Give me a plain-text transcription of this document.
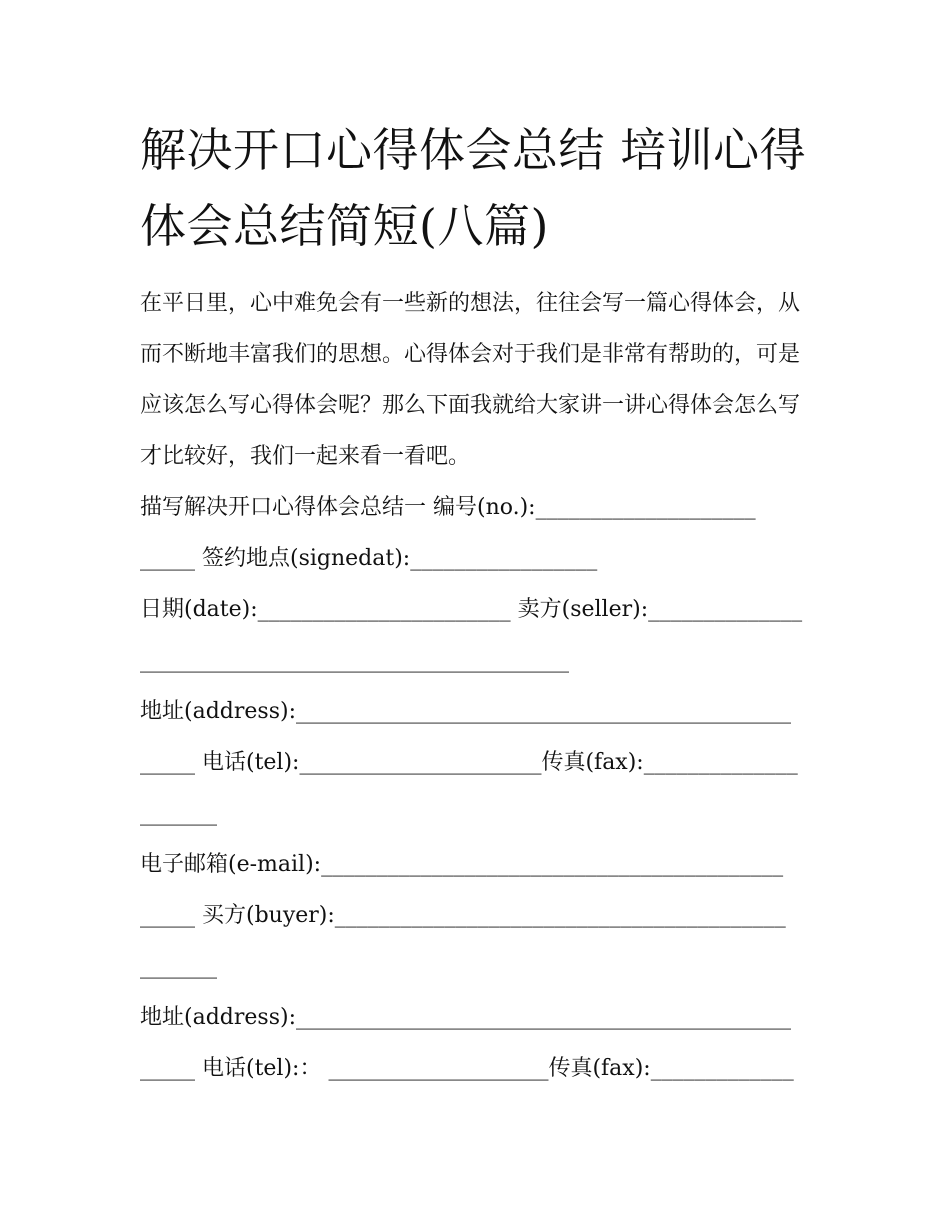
解决开口心得体会总结 培训心得体会总结简短(八篇)

在平日里，心中难免会有一些新的想法，往往会写一篇心得体会，从而不断地丰富我们的思想。心得体会对于我们是非常有帮助的，可是应该怎么写心得体会呢？那么下面我就给大家讲一讲心得体会怎么写才比较好，我们一起来看一看吧。

描写解决开口心得体会总结一 编号(no.):____________________
_____ 签约地点(signedat):_________________
日期(date):_______________________ 卖方(seller):______________
_______________________________________
地址(address):_____________________________________________
_____ 电话(tel):______________________传真(fax):______________
_______
电子邮箱(e-mail):__________________________________________
_____ 买方(buyer):_________________________________________
_______
地址(address):_____________________________________________
_____ 电话(tel):： ____________________传真(fax):_____________
